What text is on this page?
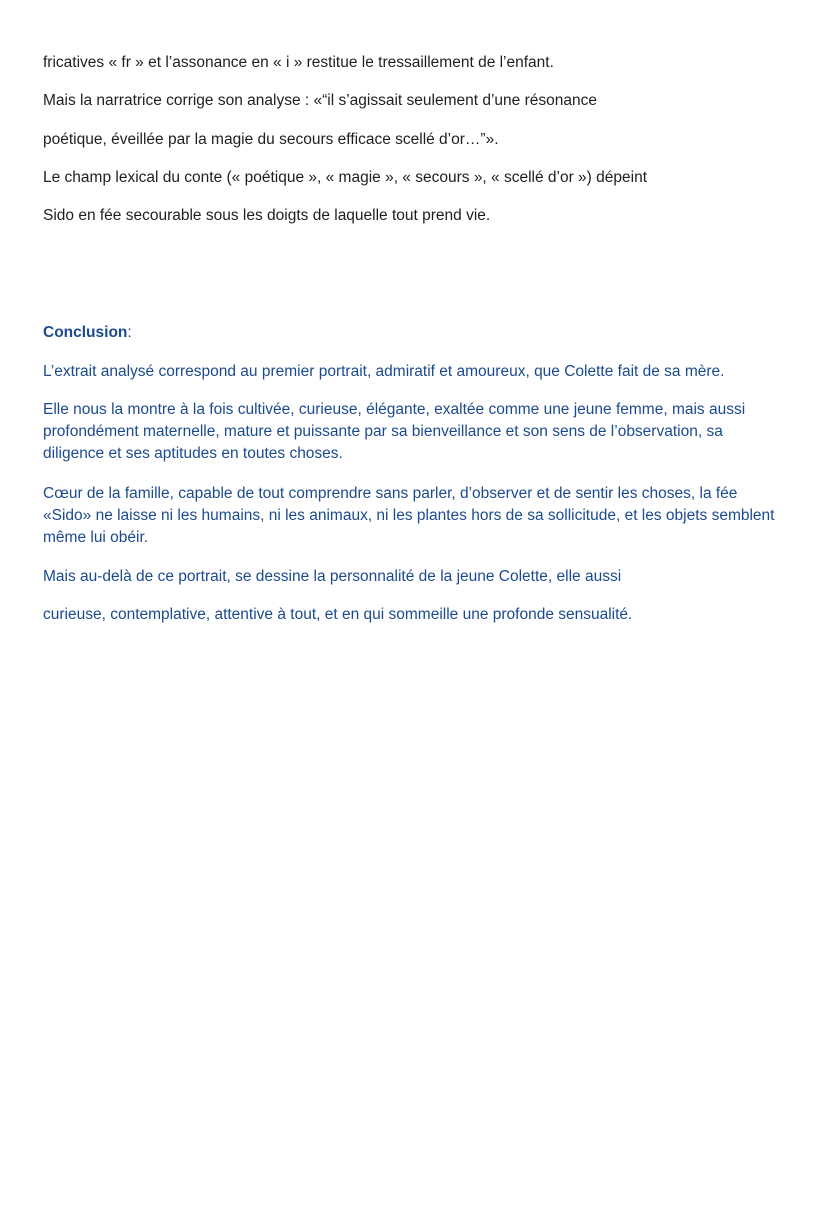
fricatives « fr » et l’assonance en « i » restitue le tressaillement de l’enfant.

Mais la narratrice corrige son analyse : «“il s’agissait seulement d’une résonance

poétique, éveillée par la magie du secours efficace scellé d’or…”».

Le champ lexical du conte (« poétique », « magie », « secours », « scellé d’or ») dépeint

Sido en fée secourable sous les doigts de laquelle tout prend vie.

Conclusion:

L’extrait analysé correspond au premier portrait, admiratif et amoureux, que Colette fait de sa mère.

Elle nous la montre à la fois cultivée, curieuse, élégante, exaltée comme une jeune femme, mais aussi profondément maternelle, mature et puissante par sa bienveillance et son sens de l’observation, sa diligence et ses aptitudes en toutes choses.

Cœur de la famille, capable de tout comprendre sans parler, d’observer et de sentir les choses, la fée «Sido» ne laisse ni les humains, ni les animaux, ni les plantes hors de sa sollicitude, et les objets semblent même lui obéir.

Mais au-delà de ce portrait, se dessine la personnalité de la jeune Colette, elle aussi

curieuse, contemplative, attentive à tout, et en qui sommeille une profonde sensualité.
